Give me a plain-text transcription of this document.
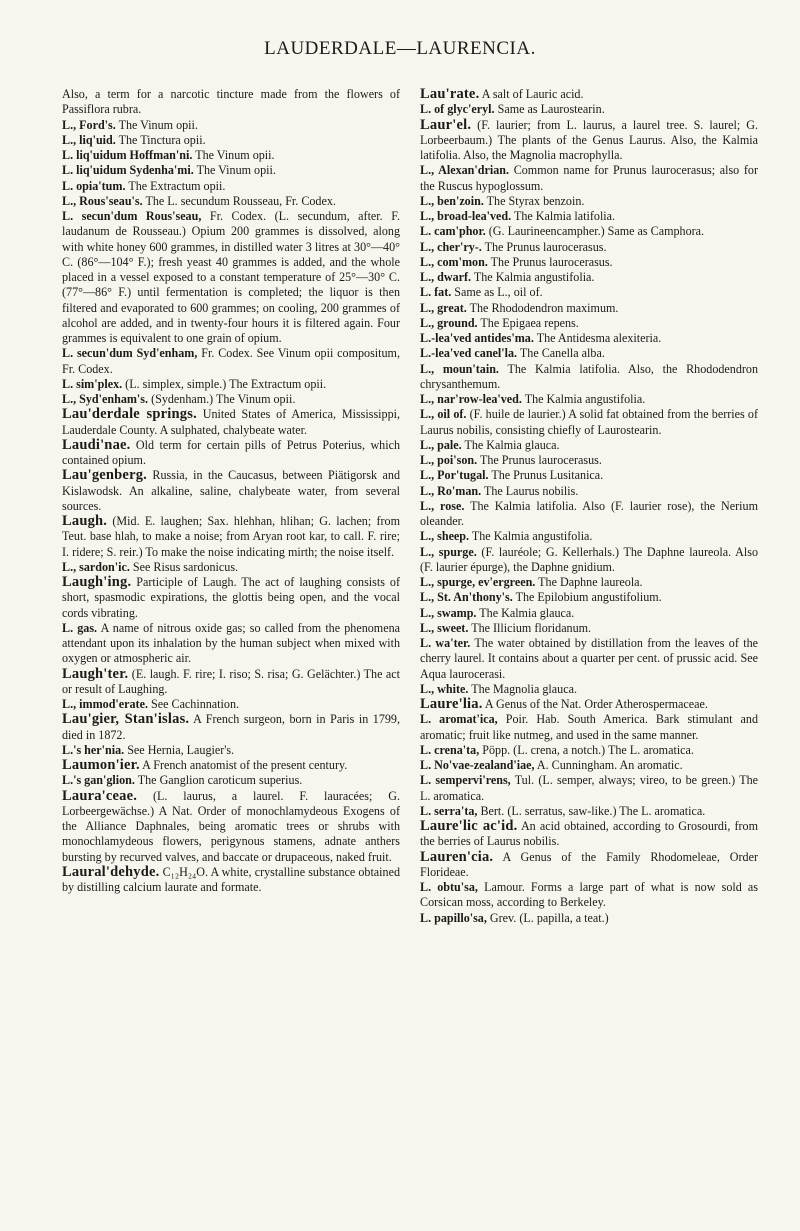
LAUDERDALE—LAURENCIA.

Also, a term for a narcotic tincture made from the flowers of Passiflora rubra.

L., Ford's. The Vinum opii.

L., liq'uid. The Tinctura opii.

L. liq'uidum Hoffman'ni. The Vinum opii.

L. liq'uidum Sydenha'mi. The Vinum opii.

L. opia'tum. The Extractum opii.

L., Rous'seau's. The L. secundum Rousseau, Fr. Codex.

L. secun'dum Rous'seau, Fr. Codex. (L. secundum, after. F. laudanum de Rousseau.) Opium 200 grammes is dissolved, along with white honey 600 grammes, in distilled water 3 litres at 30°—40° C. (86°—104° F.); fresh yeast 40 grammes is added, and the whole placed in a vessel exposed to a constant temperature of 25°—30° C. (77°—86° F.) until fermentation is completed; the liquor is then filtered and evaporated to 600 grammes; on cooling, 200 grammes of alcohol are added, and in twenty-four hours it is filtered again. Four grammes is equivalent to one grain of opium.

L. secun'dum Syd'enham, Fr. Codex. See Vinum opii compositum, Fr. Codex.

L. sim'plex. (L. simplex, simple.) The Extractum opii.

L., Syd'enham's. (Sydenham.) The Vinum opii.

Lau'derdale springs. United States of America, Mississippi, Lauderdale County. A sulphated, chalybeate water.

Laudi'nae. Old term for certain pills of Petrus Poterius, which contained opium.

Lau'genberg. Russia, in the Caucasus, between Piätigorsk and Kislawodsk. An alkaline, saline, chalybeate water, from several sources.

Laugh. (Mid. E. laughen; Sax. hlehhan, hlihan; G. lachen; from Teut. base hlah, to make a noise; from Aryan root kar, to call. F. rire; I. ridere; S. reir.) To make the noise indicating mirth; the noise itself.

L., sardon'ic. See Risus sardonicus.

Laugh'ing. Participle of Laugh. The act of laughing consists of short, spasmodic expirations, the glottis being open, and the vocal cords vibrating.

L. gas. A name of nitrous oxide gas; so called from the phenomena attendant upon its inhalation by the human subject when mixed with oxygen or atmospheric air.

Laugh'ter. (E. laugh. F. rire; I. riso; S. risa; G. Gelächter.) The act or result of Laughing.

L., immod'erate. See Cachinnation.

Lau'gier, Stan'islas. A French surgeon, born in Paris in 1799, died in 1872.

L.'s her'nia. See Hernia, Laugier's.

Laumon'ier. A French anatomist of the present century.

L.'s gan'glion. The Ganglion caroticum superius.

Laura'ceae. (L. laurus, a laurel. F. lauracées; G. Lorbeergewächse.) A Nat. Order of monochlamydeous Exogens of the Alliance Daphnales, being aromatic trees or shrubs with monochlamydeous flowers, perigynous stamens, adnate anthers bursting by recurved valves, and baccate or drupaceous, naked fruit.

Laural'dehyde. C₁₂H₂₄O. A white, crystalline substance obtained by distilling calcium laurate and formate.

Lau'rate. A salt of Lauric acid.

L. of glyc'eryl. Same as Laurostearin.

Laur'el. (F. laurier; from L. laurus, a laurel tree. S. laurel; G. Lorbeerbaum.) The plants of the Genus Laurus. Also, the Kalmia latifolia. Also, the Magnolia macrophylla.

L., Alexan'drian. Common name for Prunus laurocerasus; also for the Ruscus hypoglossum.

L., ben'zoin. The Styrax benzoin.

L., broad-lea'ved. The Kalmia latifolia.

L. cam'phor. (G. Laurineencampher.) Same as Camphora.

L., cher'ry-. The Prunus laurocerasus.

L., com'mon. The Prunus laurocerasus.

L., dwarf. The Kalmia angustifolia.

L. fat. Same as L., oil of.

L., great. The Rhododendron maximum.

L., ground. The Epigaea repens.

L.-lea'ved antides'ma. The Antidesma alexiteria.

L.-lea'ved canel'la. The Canella alba.

L., moun'tain. The Kalmia latifolia. Also, the Rhododendron chrysanthemum.

L., nar'row-lea'ved. The Kalmia angustifolia.

L., oil of. (F. huile de laurier.) A solid fat obtained from the berries of Laurus nobilis, consisting chiefly of Laurostearin.

L., pale. The Kalmia glauca.

L., poi'son. The Prunus laurocerasus.

L., Por'tugal. The Prunus Lusitanica.

L., Ro'man. The Laurus nobilis.

L., rose. The Kalmia latifolia. Also (F. laurier rose), the Nerium oleander.

L., sheep. The Kalmia angustifolia.

L., spurge. (F. lauréole; G. Kellerhals.) The Daphne laureola. Also (F. laurier épurge), the Daphne gnidium.

L., spurge, ev'ergreen. The Daphne laureola.

L., St. An'thony's. The Epilobium angustifolium.

L., swamp. The Kalmia glauca.

L., sweet. The Illicium floridanum.

L. wa'ter. The water obtained by distillation from the leaves of the cherry laurel. It contains about a quarter per cent. of prussic acid. See Aqua laurocerasi.

L., white. The Magnolia glauca.

Laure'lia. A Genus of the Nat. Order Atherospermaceae.

L. aromat'ica, Poir. Hab. South America. Bark stimulant and aromatic; fruit like nutmeg, and used in the same manner.

L. crena'ta, Pöpp. (L. crena, a notch.) The L. aromatica.

L. No'vae-zealand'iae, A. Cunningham. An aromatic.

L. sempervi'rens, Tul. (L. semper, always; vireo, to be green.) The L. aromatica.

L. serra'ta, Bert. (L. serratus, saw-like.) The L. aromatica.

Laure'lic ac'id. An acid obtained, according to Grosourdi, from the berries of Laurus nobilis.

Lauren'cia. A Genus of the Family Rhodomeleae, Order Florideae.

L. obtu'sa, Lamour. Forms a large part of what is now sold as Corsican moss, according to Berkeley.

L. papillo'sa, Grev. (L. papilla, a teat.)
